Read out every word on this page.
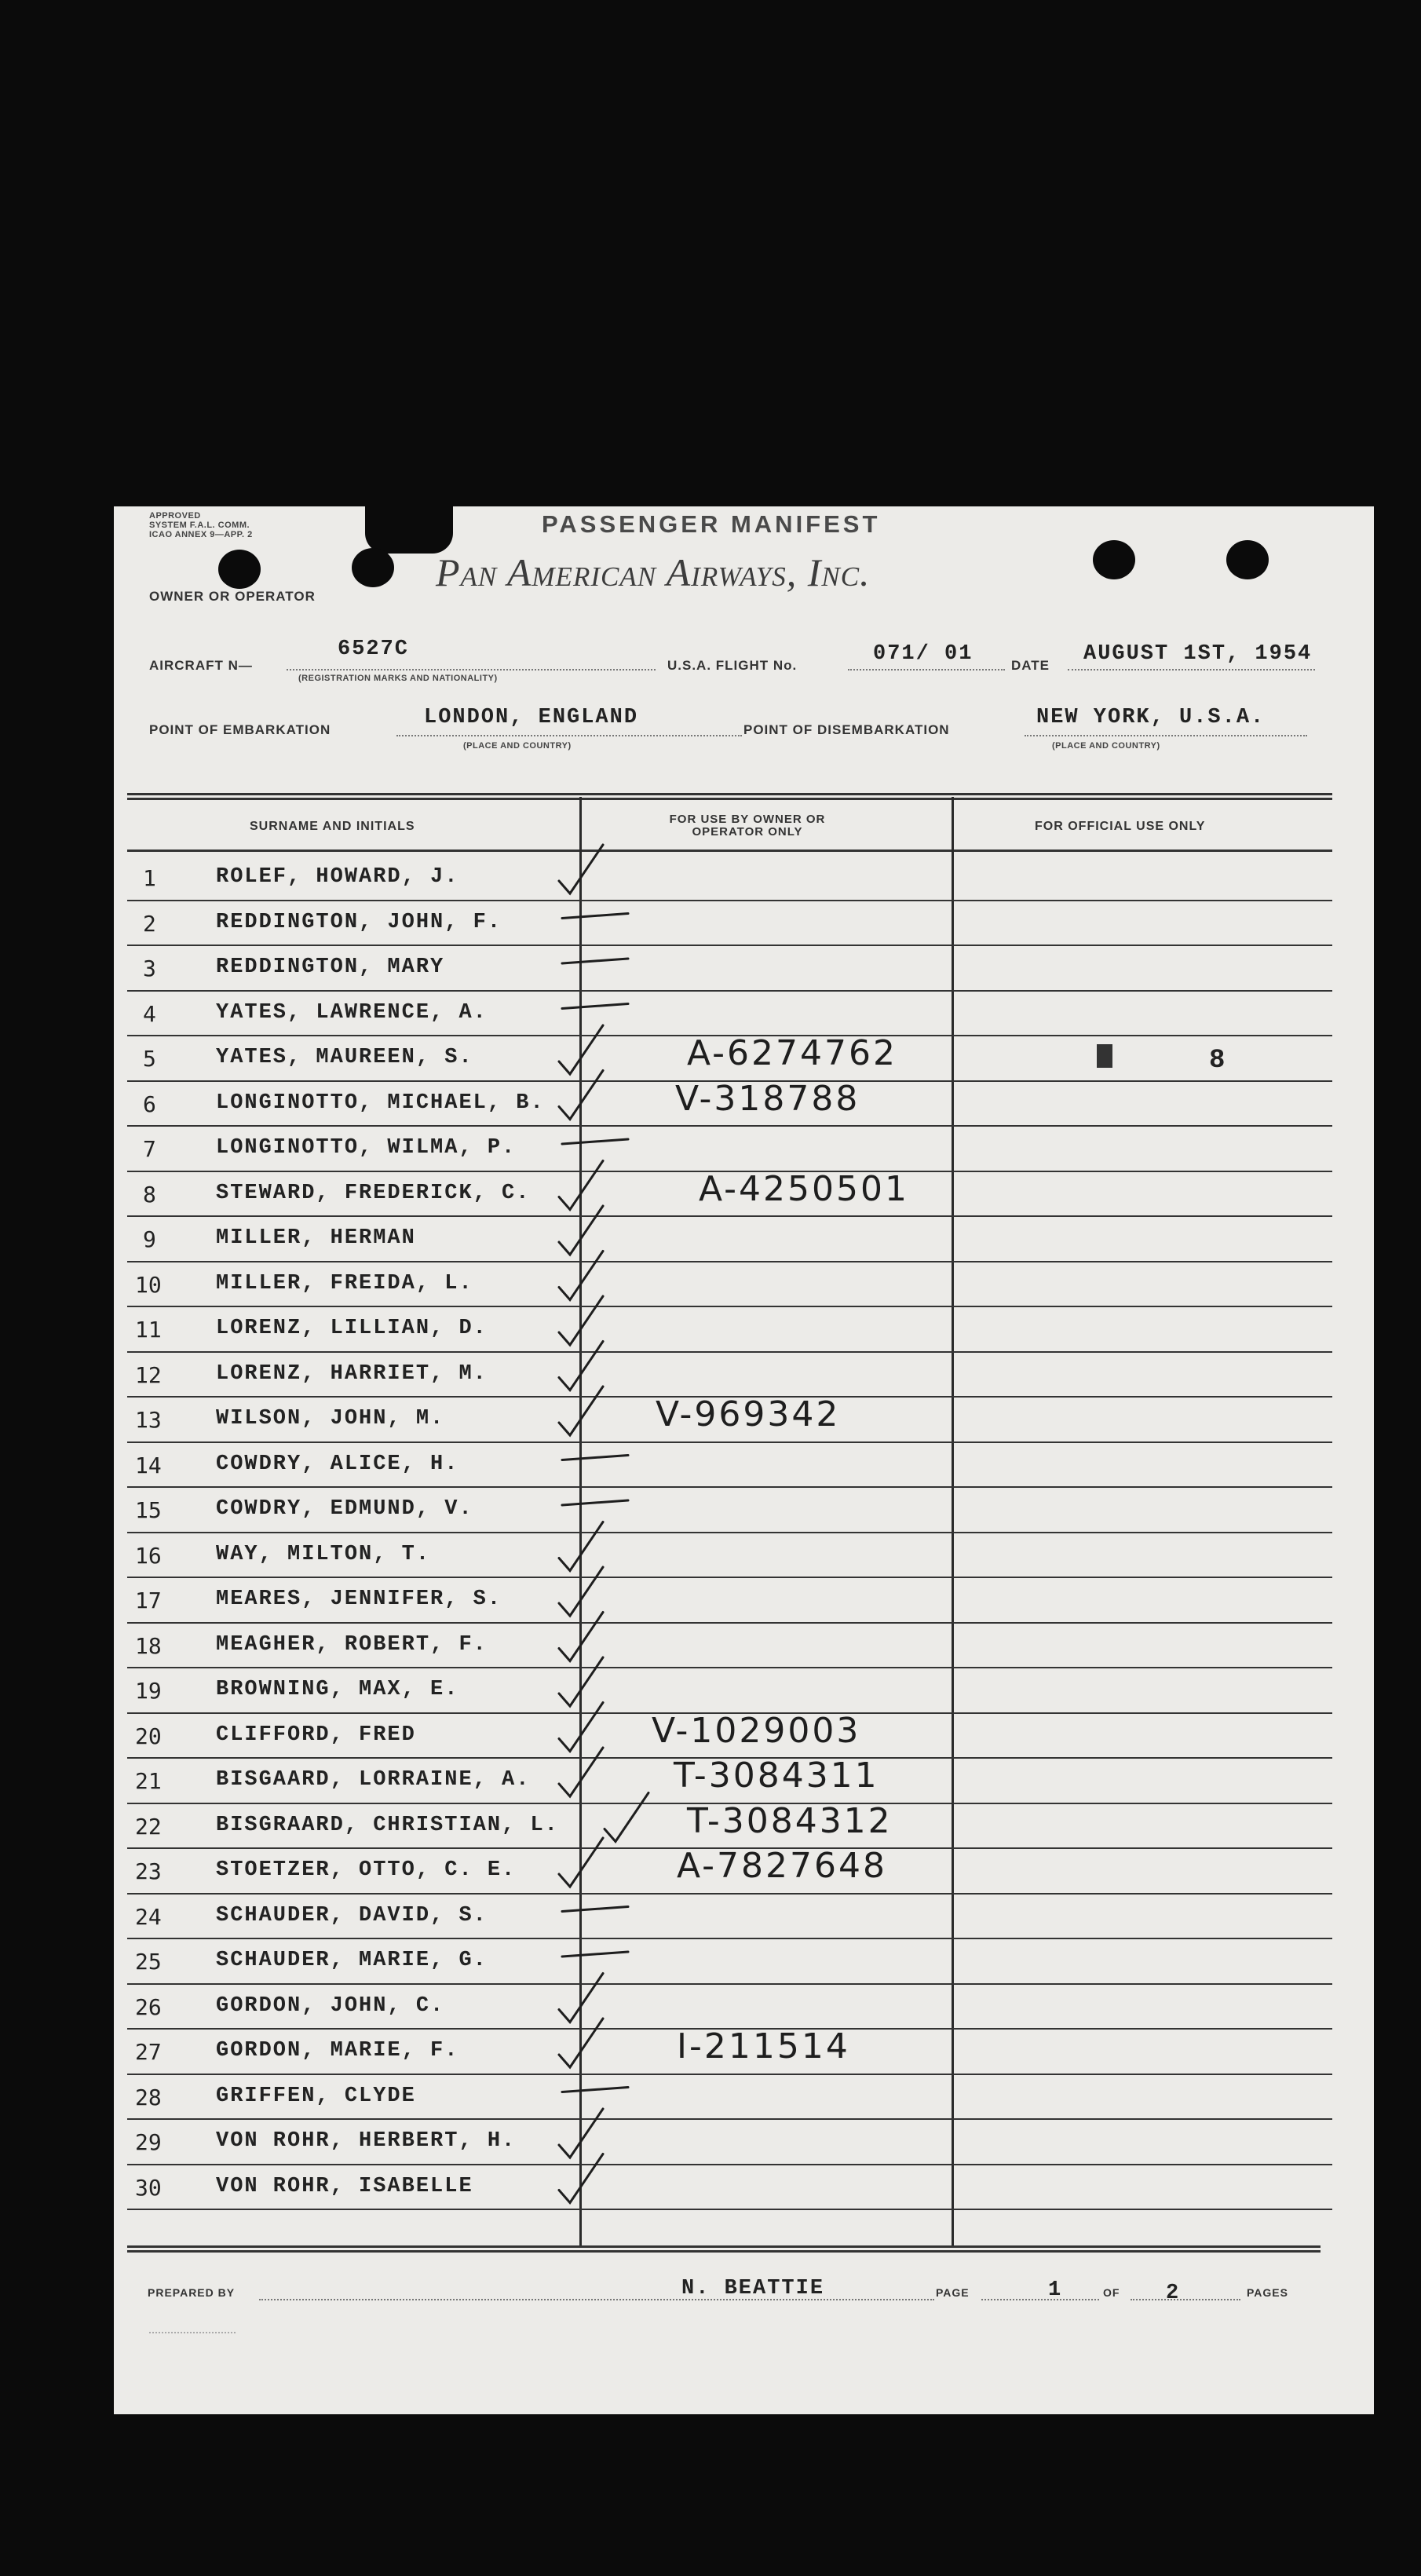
APPROVED
SYSTEM F.A.L. COMM.
ICAO ANNEX 9—APP. 2	PASSENGER MANIFEST
Pan American Airways, Inc.
OWNER OR OPERATOR
AIRCRAFT N—
6527C
(REGISTRATION MARKS AND NATIONALITY)
U.S.A. FLIGHT No.	071/ 01	DATE AUGUST 1ST, 1954
POINT OF EMBARKATION
LONDON, ENGLAND
(PLACE AND COUNTRY)
POINT OF DISEMBARKATION
NEW YORK, U.S.A.
(PLACE AND COUNTRY)
SURNAME AND INITIALS
FOR USE BY OWNER OR OPERATOR ONLY	FOR OFFICIAL USE ONLY
1	ROLEF, HOWARD, J.
2	REDDINGTON, JOHN, F.
3	REDDINGTON, MARY
4	YATES, LAWRENCE, A.
5	YATES, MAUREEN, S.	A-6274762	8
6	LONGINOTTO, MICHAEL, B.	V-318788
7	LONGINOTTO, WILMA, P.
8	STEWARD, FREDERICK, C.	A-4250501
9	MILLER, HERMAN
10	MILLER, FREIDA, L.
11	LORENZ, LILLIAN, D.
12	LORENZ, HARRIET, M.
13	WILSON, JOHN, M.	V-969342
14	COWDRY, ALICE, H.
15	COWDRY, EDMUND, V.
16	WAY, MILTON, T.
17	MEARES, JENNIFER, S.
18	MEAGHER, ROBERT, F.
19	BROWNING, MAX, E.
20	CLIFFORD, FRED	V-1029003
21	BISGAARD, LORRAINE, A.	T-3084311
22	BISGRAARD, CHRISTIAN, L.	T-3084312
23	STOETZER, OTTO, C. E.	A-7827648
24	SCHAUDER, DAVID, S.
25	SCHAUDER, MARIE, G.
26	GORDON, JOHN, C.
27	GORDON, MARIE, F.	I-211514
28	GRIFFEN, CLYDE
29	VON ROHR, HERBERT, H.
30	VON ROHR, ISABELLE
PREPARED BY	N. BEATTIE	PAGE	1	OF 2	PAGES
